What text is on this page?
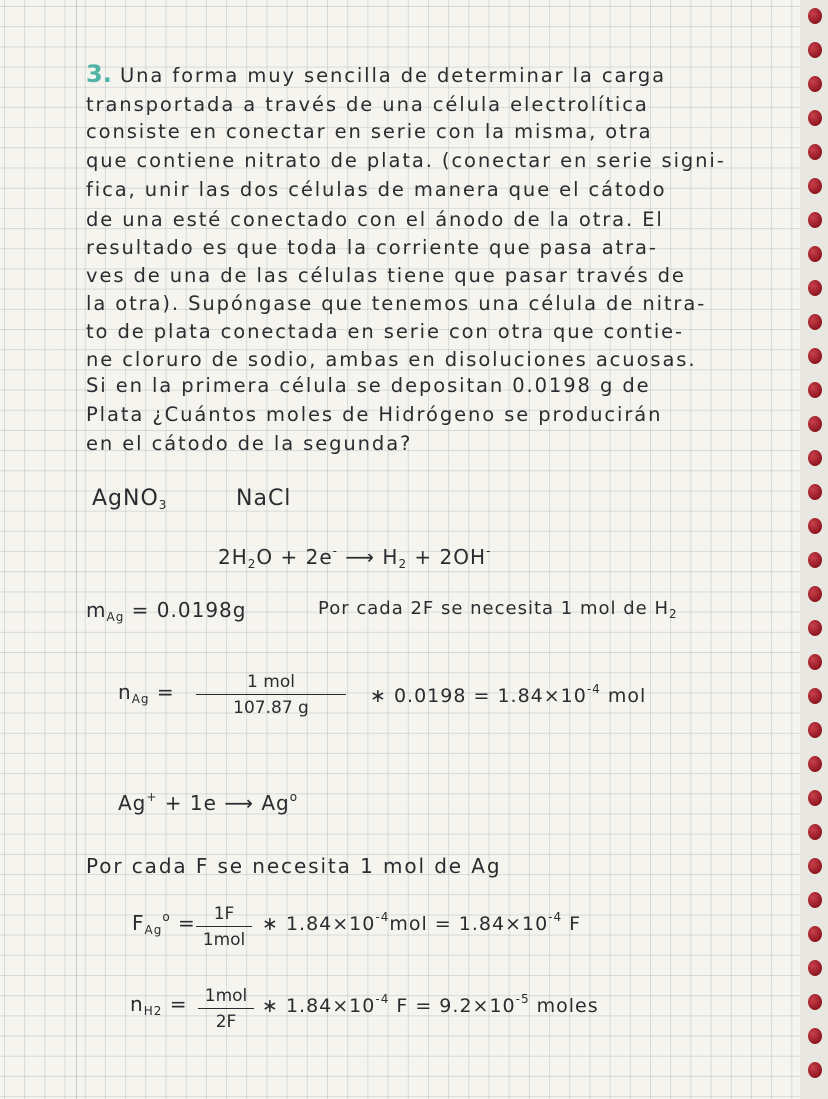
3. Una forma muy sencilla de determinar la carga
transportada a través de una célula electrolítica
consiste en conectar en serie con la misma, otra
que contiene nitrato de plata. (conectar en serie signi-
fica, unir las dos células de manera que el cátodo
de una esté conectado con el ánodo de la otra. El
resultado es que toda la corriente que pasa atra-
ves de una de las células tiene que pasar través de
la otra). Supóngase que tenemos una célula de nitra-
to de plata conectada en serie con otra que contie-
ne cloruro de sodio, ambas en disoluciones acuosas.
Si en la primera célula se depositan 0.0198 g de
Plata ¿Cuántos moles de Hidrógeno se producirán
en el cátodo de la segunda?
AgNO$_3$	NaCl
$2H_2O + 2e^-$ ⟶ $H_2 + 2OH^-$
$m_{Ag} = 0.0198g$	Por cada 2F se necesita 1 mol de $H_2$
$n_{Ag}$ =	1 mol
107.87 g
∗ $0.0198 = 1.84\times 10^{-4}$ mol
Ag+ + 1e ⟶ Ag$^o$
Por cada F se necesita 1 mol de Ag
$F_{Ag}^o$ =	1F
1mol
∗ $1.84\times 10^{-4}mol = 1.84\times 10^{-4}$ F
$n_{H2}$ =	1mol
2F
∗ $1.84\times 10^{-4}$ $F = 9.2\times 10^{-5}$ moles
